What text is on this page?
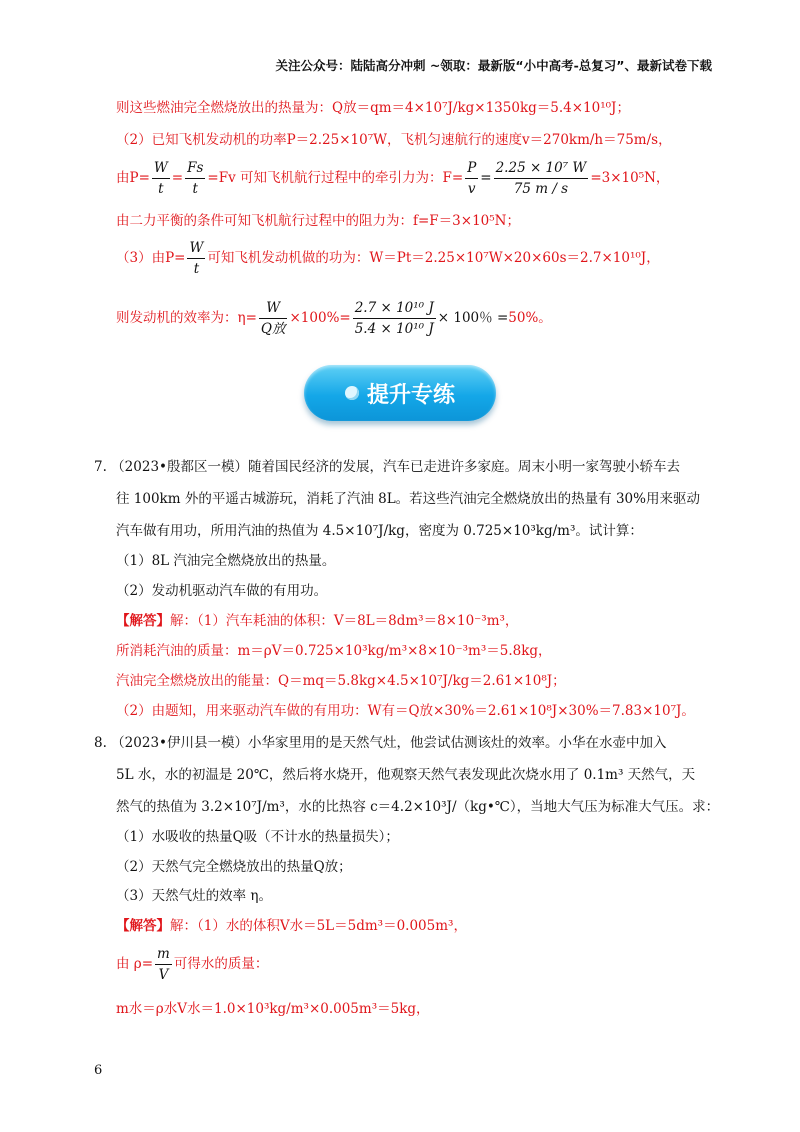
关注公众号：陆陆高分冲刺 ~领取：最新版“小中高考-总复习”、最新试卷下载
则这些燃油完全燃烧放出的热量为：Q放＝qm＝4×10⁷J/kg×1350kg＝5.4×10¹⁰J；
（2）已知飞机发动机的功率P＝2.25×10⁷W，飞机匀速航行的速度v＝270km/h＝75m/s，
由$P= \frac{W}{t} = \frac{Fs}{t} =Fv$ 可知飞机航行过程中的牵引力为：$F= \frac{P}{v} = \frac{\text{2.25 × 10⁷ W}}{75 m / s} =3\times 10^5N$，
由二力平衡的条件可知飞机航行过程中的阻力为：f=F＝3×10⁵N；
（3）由$P= \frac{W}{t}$ 可知飞机发动机做的功为：W＝Pt＝2.25×10⁷W×20×60s＝2.7×10¹⁰J，
则发动机的效率为：$\eta= \frac{W}{\text{Q放}} \times 100\%= \frac{\text{2.7 × 10¹⁰ J}}{\text{5.4 × 10¹⁰ J}} \times 100$％ =50%。
提升专练
7. （2023•殷都区一模）随着国民经济的发展，汽车已走进许多家庭。周末小明一家驾驶小轿车去
往 100km 外的平遥古城游玩，消耗了汽油 8L。若这些汽油完全燃烧放出的热量有 30%用来驱动
汽车做有用功，所用汽油的热值为 4.5×10⁷J/kg，密度为 0.725×10³kg/m³。试计算：
（1）8L 汽油完全燃烧放出的热量。
（2）发动机驱动汽车做的有用功。
【解答】解：（1）汽车耗油的体积：V＝8L＝8dm³＝8×10⁻³m³，
所消耗汽油的质量：m＝ρV＝0.725×10³kg/m³×8×10⁻³m³＝5.8kg，
汽油完全燃烧放出的能量：Q＝mq＝5.8kg×4.5×10⁷J/kg＝2.61×10⁸J；
（2）由题知，用来驱动汽车做的有用功：W有＝Q放×30%＝2.61×10⁸J×30%＝7.83×10⁷J。
8. （2023•伊川县一模）小华家里用的是天然气灶，他尝试估测该灶的效率。小华在水壶中加入
5L 水，水的初温是 20℃，然后将水烧开，他观察天然气表发现此次烧水用了 0.1m³ 天然气，天
然气的热值为 3.2×10⁷J/m³，水的比热容 c＝4.2×10³J/（kg•℃），当地大气压为标准大气压。求：
（1）水吸收的热量Q吸（不计水的热量损失）；
（2）天然气完全燃烧放出的热量Q放；
（3）天然气灶的效率 η。
【解答】解：（1）水的体积V水＝5L＝5dm³＝0.005m³，
由 $\rho= \frac{m}{V}$ 可得水的质量：
m水＝ρ水V水＝1.0×10³kg/m³×0.005m³＝5kg，
6
